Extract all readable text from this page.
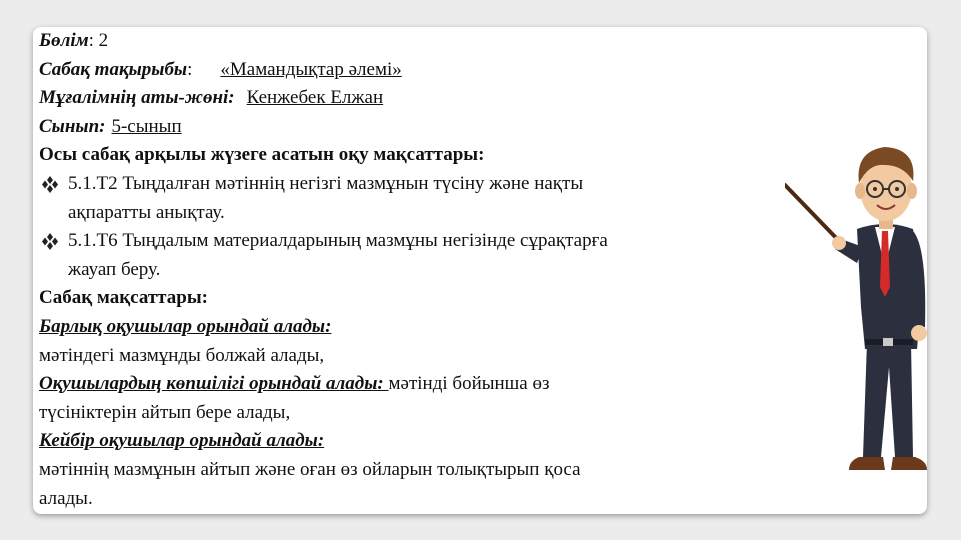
Бөлім: 2
Сабақ тақырыбы: «Мамандықтар әлемі»
Мұғалімнің аты-жөні: Кенжебек Елжан
Сынып: 5-сынып
Осы сабақ арқылы жүзеге асатын оқу мақсаттары:
5.1.Т2 Тыңдалған мәтіннің негізгі мазмұнын түсіну және нақты
ақпаратты анықтау.
5.1.Т6 Тыңдалым материалдарының мазмұны негізінде сұрақтарға
жауап беру.
Сабақ мақсаттары:
Барлық оқушылар орындай алады:
мәтіндегі мазмұнды болжай алады,
Оқушылардың көпшілігі орындай алады: мәтінді бойынша өз
түсініктерін айтып бере алады,
Кейбір оқушылар орындай алады:
мәтіннің мазмұнын айтып және оған өз ойларын толықтырып қоса
алады.
